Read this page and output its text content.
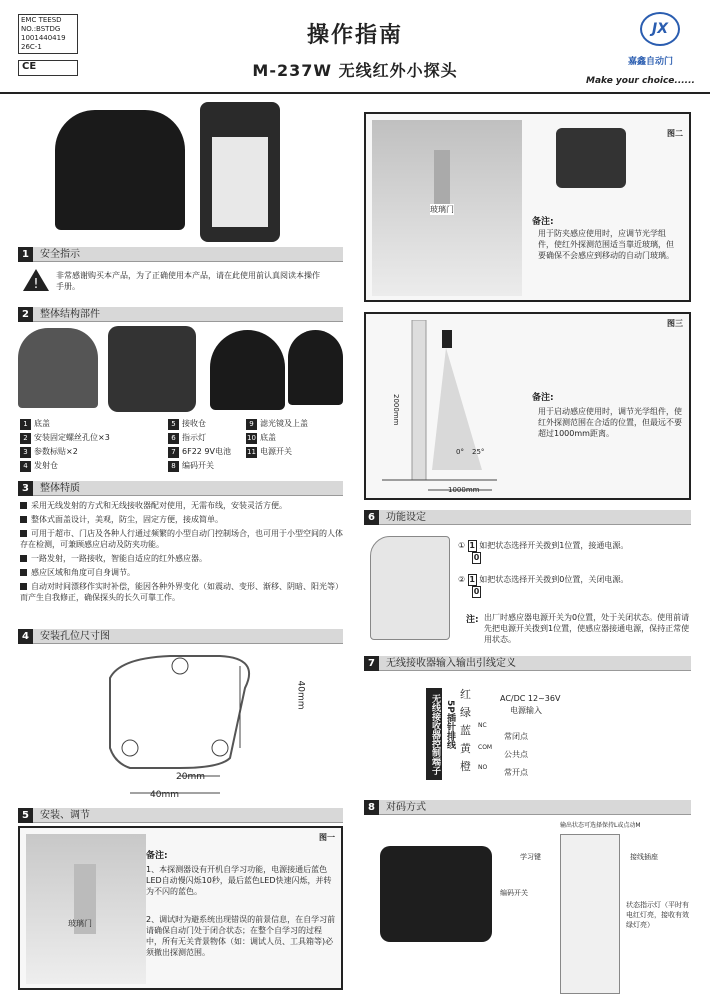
EMC TEESD
NO.:BSTDG
1001440419
26C-1
CE
操作指南
M-237W 无线红外小探头
JX
嘉鑫自动门
Make your choice......
1	安全指示
!
非常感谢购买本产品，为了正确使用本产品，请在此使用前认真阅读本操作手册。
2	整体结构部件
1 底盖
2 安装固定螺丝孔位×3
3 参数标贴×2
4 发射仓
5 接收仓
6 指示灯
7 6F22 9V电池
8 编码开关
9 滤光镜及上盖
10 底盖
11 电源开关
3	整体特质
采用无线发射的方式和无线接收器配对使用，无需布线，安装灵活方便。
整体式面盖设计，美观，防尘，固定方便，接成简单。
可用于超市、门店及各种人行通过频繁的小型自动门控制场合，也可用于小型空间的人体存在检测，可兼顾感应启动及防夹功能。
一路发射，一路接收，智能自适应的红外感应器。
感应区域和角度可自身调节。
自动对时间漂移作实时补偿，能因各种外界变化（如震动、变形、渐移、阴暗、阳光等）而产生自我修正，确保探头的长久可靠工作。
4	安装孔位尺寸图
40mm
20mm
40mm
5	安装、调节
玻璃门
图一
备注:
1、本探测器设有开机自学习功能，电源接通后蓝色LED自动慢闪烁10秒，最后蓝色LED快速闪烁，并转为不闪的蓝色。
2、调试时为避系统出现错误的前景信息，在自学习前请确保自动门处于闭合状态；在整个自学习的过程中，所有无关背景物体（如：调试人员、工具箱等)必须撤出探测范围。
玻璃门
图二
备注:
用于防夹感应使用时，应调节光学组件，使红外探测范围适当靠近玻璃，但要确保不会感应到移动的自动门玻璃。
2000mm
0° 25°
1000mm
图三
备注:
用于启动感应使用时，调节光学组件，使红外探测范围在合适的位置，但最远不要超过1000mm距离。
6	功能设定
① 1 如把状态选择开关拨到1位置，接通电源。
0
② 1 如把状态选择开关拨到0位置，关闭电源。
0
注: 出厂时感应器电源开关为0位置，处于关闭状态。使用前请先把电源开关拨到1位置，使感应器接通电源，保持正常使用状态。
7	无线接收器输入输出引线定义
无线接收器控制端子 5P插针排线
红
绿
蓝
黄
橙
NC
COM
NO
AC/DC 12~36V
电源输入
常闭点
公共点
常开点
8	对码方式
输出状态可选择保持L或点动M
学习键	接线插座
编码开关
状态指示灯（平时有电红灯亮，接收有效绿灯亮）
